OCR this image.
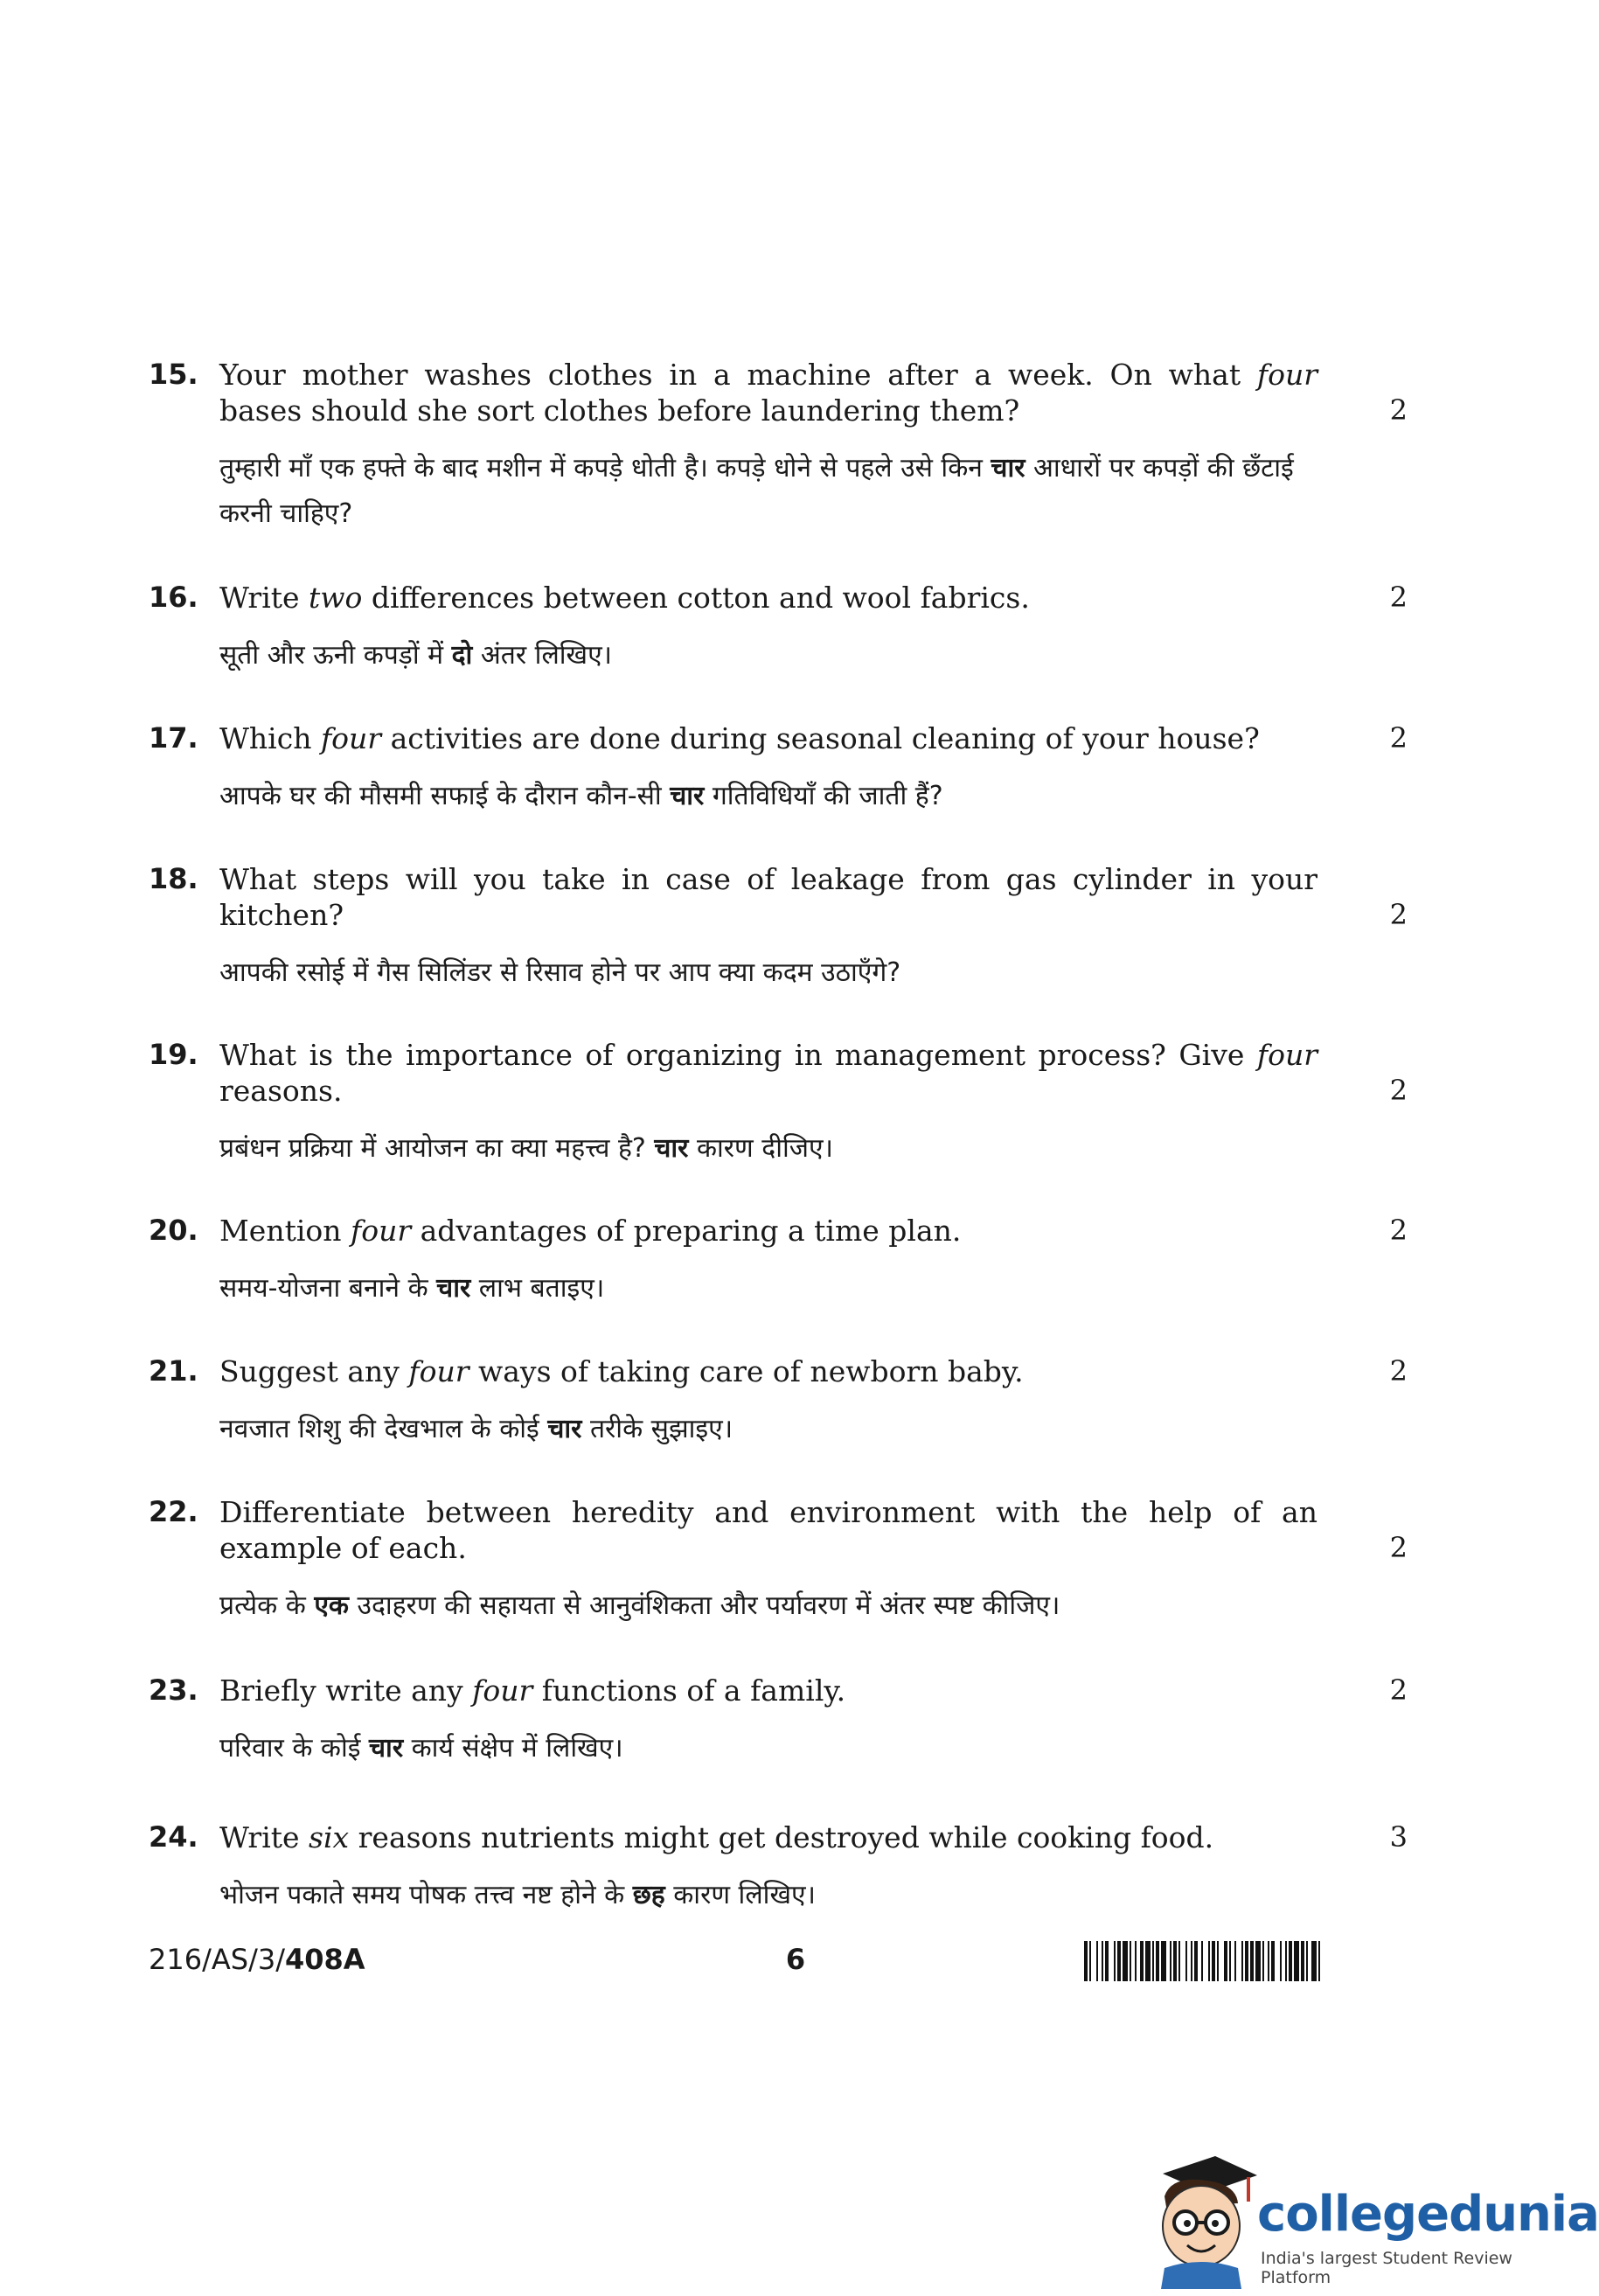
15. Your mother washes clothes in a machine after a week. On what four bases should she sort clothes before laundering them?	2
तुम्हारी माँ एक हफ्ते के बाद मशीन में कपड़े धोती है। कपड़े धोने से पहले उसे किन चार आधारों पर कपड़ों की छँटाई करनी चाहिए?
16. Write two differences between cotton and wool fabrics.	2
सूती और ऊनी कपड़ों में दो अंतर लिखिए।
17. Which four activities are done during seasonal cleaning of your house?	2
आपके घर की मौसमी सफाई के दौरान कौन-सी चार गतिविधियाँ की जाती हैं?
18. What steps will you take in case of leakage from gas cylinder in your kitchen?	2
आपकी रसोई में गैस सिलिंडर से रिसाव होने पर आप क्या कदम उठाएँगे?
19. What is the importance of organizing in management process? Give four reasons.	2
प्रबंधन प्रक्रिया में आयोजन का क्या महत्त्व है? चार कारण दीजिए।
20. Mention four advantages of preparing a time plan.	2
समय-योजना बनाने के चार लाभ बताइए।
21. Suggest any four ways of taking care of newborn baby.	2
नवजात शिशु की देखभाल के कोई चार तरीके सुझाइए।
22. Differentiate between heredity and environment with the help of an example of each.	2
प्रत्येक के एक उदाहरण की सहायता से आनुवंशिकता और पर्यावरण में अंतर स्पष्ट कीजिए।
23. Briefly write any four functions of a family.	2
परिवार के कोई चार कार्य संक्षेप में लिखिए।
24. Write six reasons nutrients might get destroyed while cooking food.	3
भोजन पकाते समय पोषक तत्त्व नष्ट होने के छह कारण लिखिए।
216/AS/3/408A	6
collegedunia
India's largest Student Review Platform
